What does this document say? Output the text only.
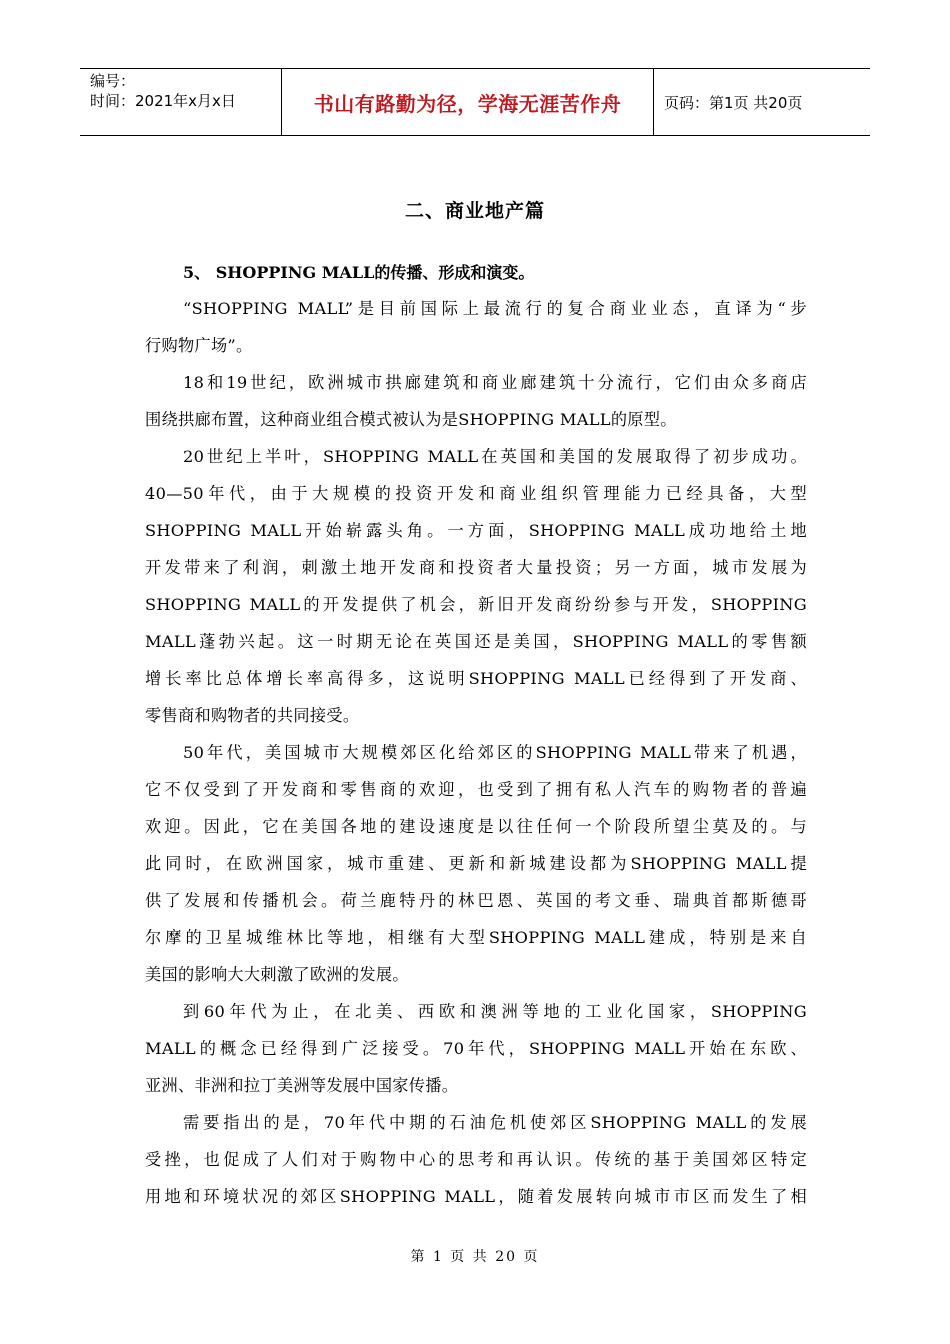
编号：
时间：2021年x月x日	书山有路勤为径，学海无涯苦作舟	页码：第1页 共20页
二、商业地产篇
5、 SHOPPING MALL的传播、形成和演变。
“SHOPPING MALL”是目前国际上最流行的复合商业业态，直译为“步
行购物广场”。
18和19世纪，欧洲城市拱廊建筑和商业廊建筑十分流行，它们由众多商店
围绕拱廊布置，这种商业组合模式被认为是SHOPPING MALL的原型。
20世纪上半叶，SHOPPING MALL在英国和美国的发展取得了初步成功。
40—50年代，由于大规模的投资开发和商业组织管理能力已经具备，大型
SHOPPING MALL开始崭露头角。一方面，SHOPPING MALL成功地给土地
开发带来了利润，刺激土地开发商和投资者大量投资；另一方面，城市发展为
SHOPPING MALL的开发提供了机会，新旧开发商纷纷参与开发，SHOPPING
MALL蓬勃兴起。这一时期无论在英国还是美国，SHOPPING MALL的零售额
增长率比总体增长率高得多，这说明SHOPPING MALL已经得到了开发商、
零售商和购物者的共同接受。
50年代，美国城市大规模郊区化给郊区的SHOPPING MALL带来了机遇，
它不仅受到了开发商和零售商的欢迎，也受到了拥有私人汽车的购物者的普遍
欢迎。因此，它在美国各地的建设速度是以往任何一个阶段所望尘莫及的。与
此同时，在欧洲国家，城市重建、更新和新城建设都为SHOPPING MALL提
供了发展和传播机会。荷兰鹿特丹的林巴恩、英国的考文垂、瑞典首都斯德哥
尔摩的卫星城维林比等地，相继有大型SHOPPING MALL建成，特别是来自
美国的影响大大刺激了欧洲的发展。
到60年代为止，在北美、西欧和澳洲等地的工业化国家，SHOPPING
MALL的概念已经得到广泛接受。70年代，SHOPPING MALL开始在东欧、
亚洲、非洲和拉丁美洲等发展中国家传播。
需要指出的是，70年代中期的石油危机使郊区SHOPPING MALL的发展
受挫，也促成了人们对于购物中心的思考和再认识。传统的基于美国郊区特定
用地和环境状况的郊区SHOPPING MALL，随着发展转向城市市区而发生了相
第 1 页 共 20 页
